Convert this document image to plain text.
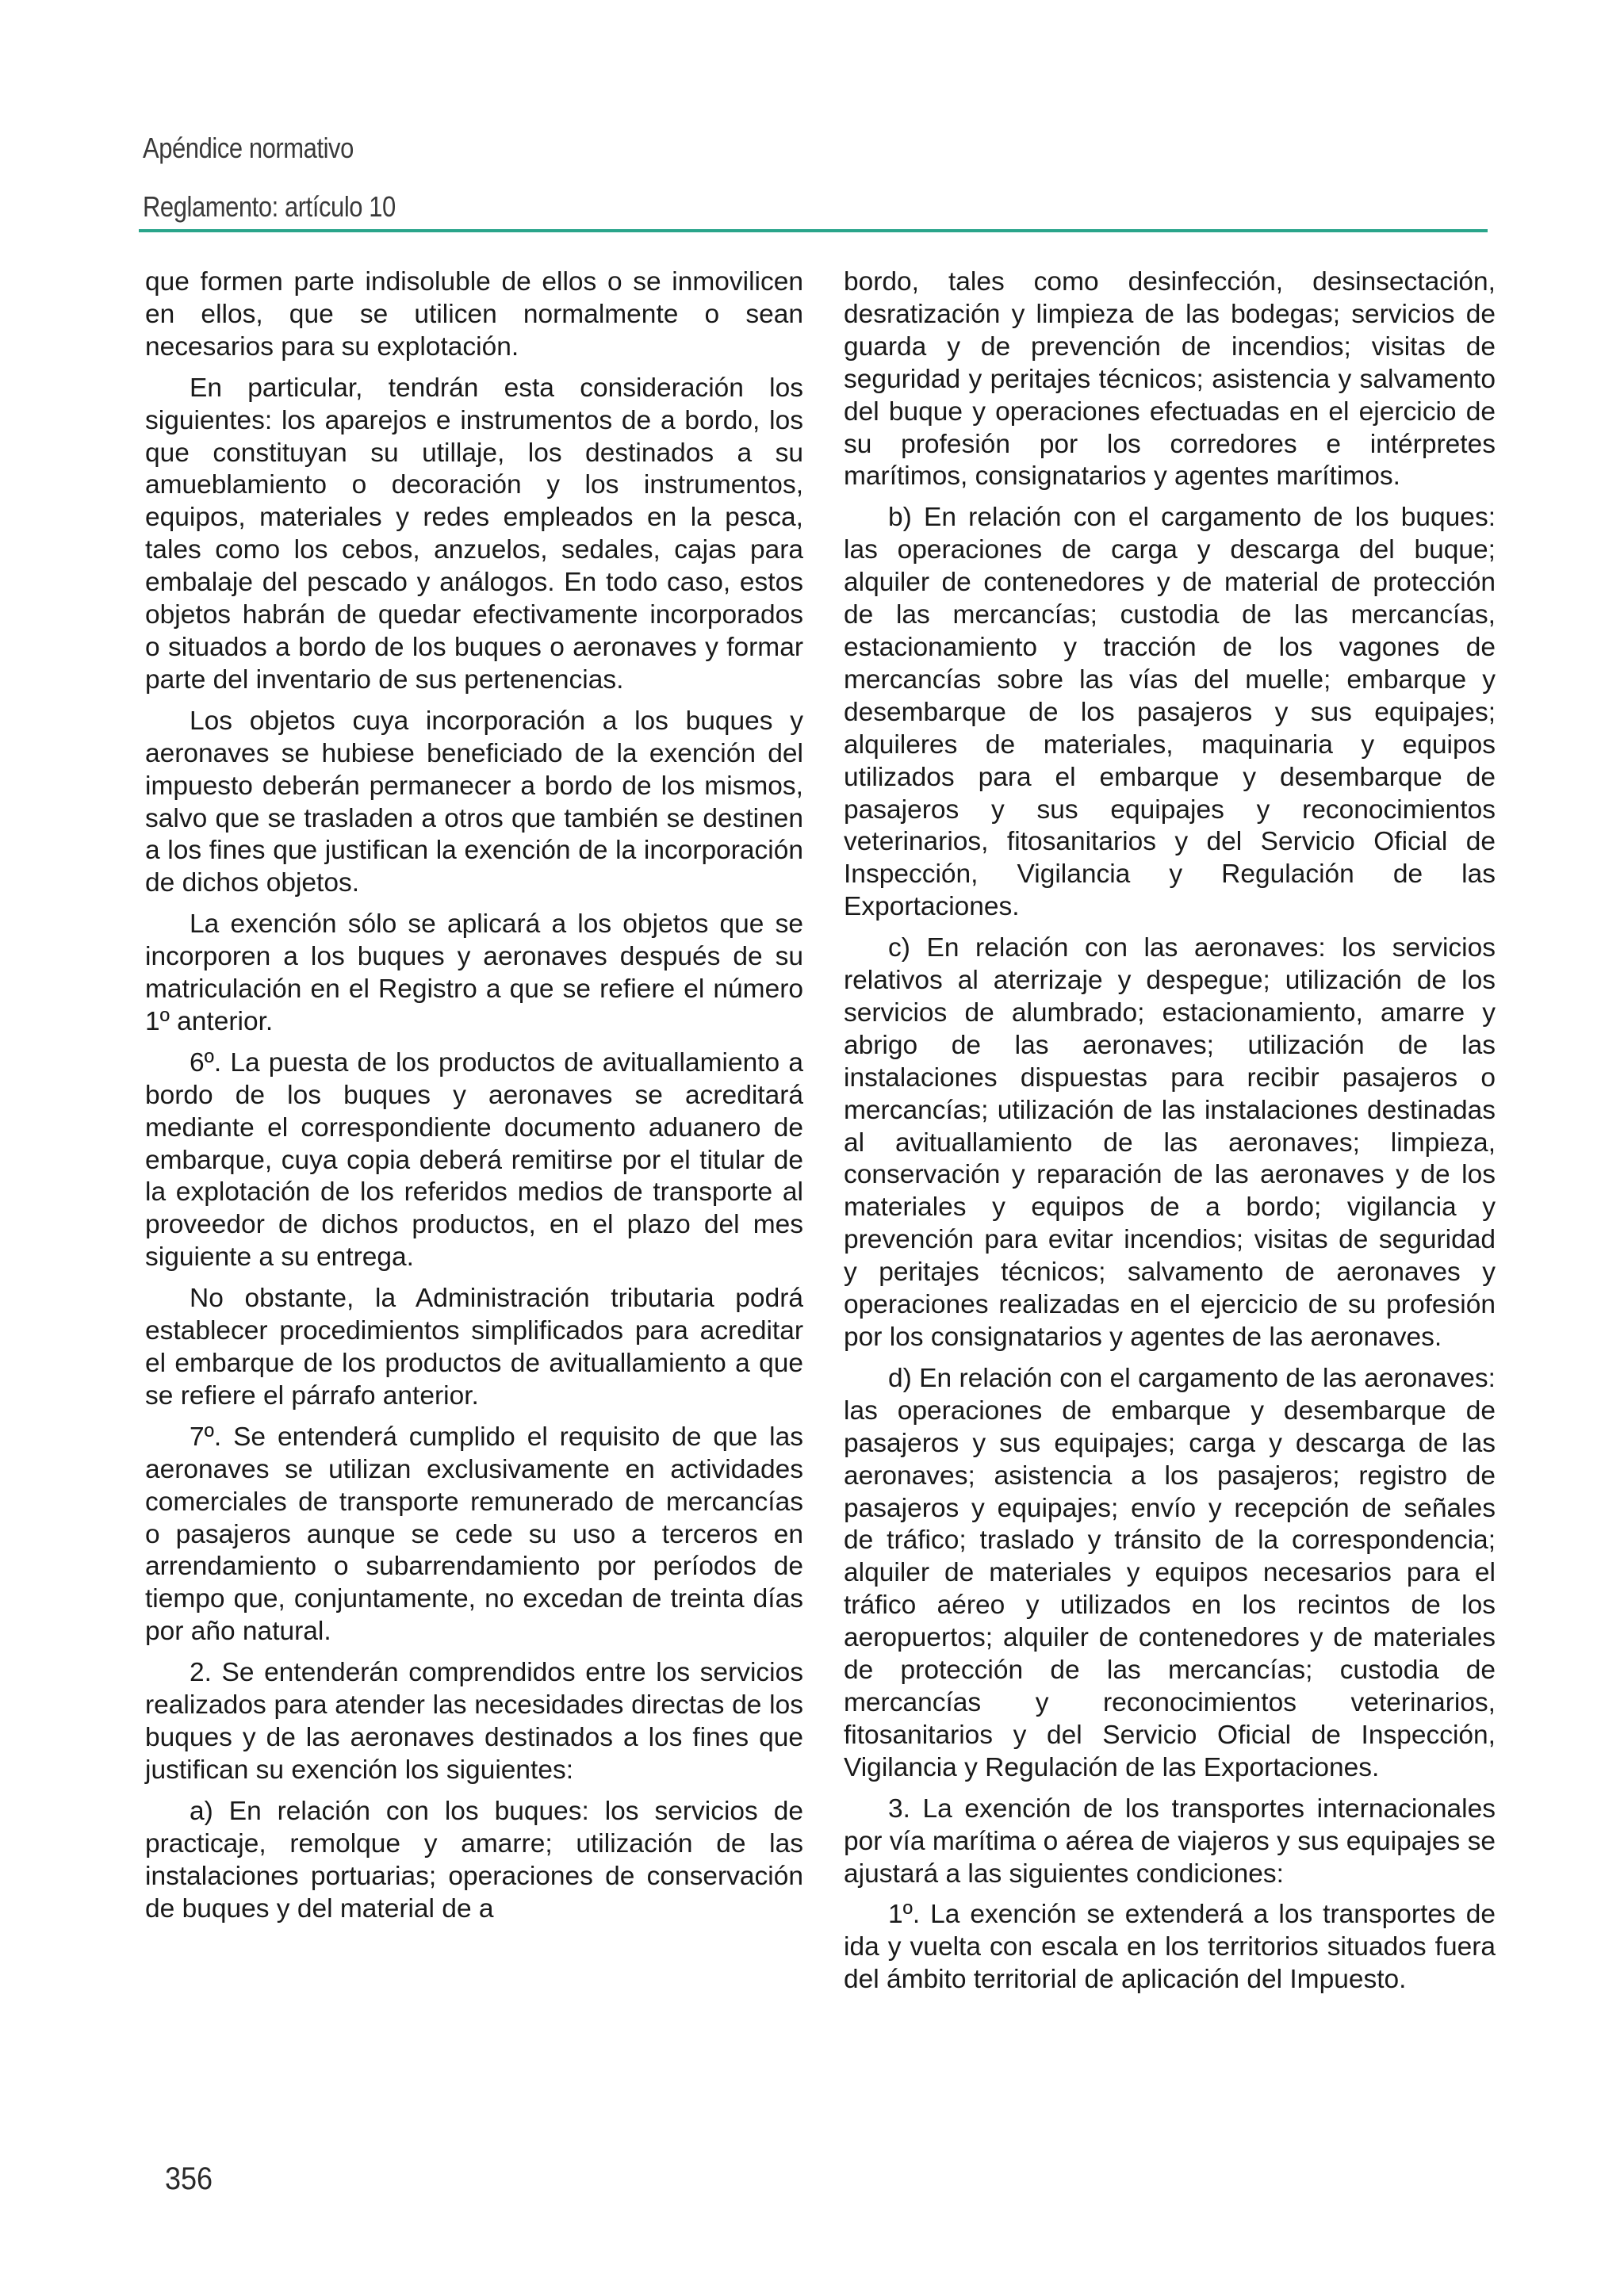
Apéndice normativo
Reglamento: artículo 10

que formen parte indisoluble de ellos o se inmovilicen en ellos, que se utilicen normalmente o sean necesarios para su explotación.

En particular, tendrán esta consideración los siguientes: los aparejos e instrumentos de a bordo, los que constituyan su utillaje, los destinados a su amueblamiento o decoración y los instrumentos, equipos, materiales y redes empleados en la pesca, tales como los cebos, anzuelos, sedales, cajas para embalaje del pescado y análogos. En todo caso, estos objetos habrán de quedar efectivamente incorporados o situados a bordo de los buques o aeronaves y formar parte del inventario de sus pertenencias.

Los objetos cuya incorporación a los buques y aeronaves se hubiese beneficiado de la exención del impuesto deberán permanecer a bordo de los mismos, salvo que se trasladen a otros que también se destinen a los fines que justifican la exención de la incorporación de dichos objetos.

La exención sólo se aplicará a los objetos que se incorporen a los buques y aeronaves después de su matriculación en el Registro a que se refiere el número 1º anterior.

6º. La puesta de los productos de avituallamiento a bordo de los buques y aeronaves se acreditará mediante el correspondiente documento aduanero de embarque, cuya copia deberá remitirse por el titular de la explotación de los referidos medios de transporte al proveedor de dichos productos, en el plazo del mes siguiente a su entrega.

No obstante, la Administración tributaria podrá establecer procedimientos simplificados para acreditar el embarque de los productos de avituallamiento a que se refiere el párrafo anterior.

7º. Se entenderá cumplido el requisito de que las aeronaves se utilizan exclusivamente en actividades comerciales de transporte remunerado de mercancías o pasajeros aunque se cede su uso a terceros en arrendamiento o subarrendamiento por períodos de tiempo que, conjuntamente, no excedan de treinta días por año natural.

2. Se entenderán comprendidos entre los servicios realizados para atender las necesidades directas de los buques y de las aeronaves destinados a los fines que justifican su exención los siguientes:

a) En relación con los buques: los servicios de practicaje, remolque y amarre; utilización de las instalaciones portuarias; operaciones de conservación de buques y del material de a

bordo, tales como desinfección, desinsectación, desratización y limpieza de las bodegas; servicios de guarda y de prevención de incendios; visitas de seguridad y peritajes técnicos; asistencia y salvamento del buque y operaciones efectuadas en el ejercicio de su profesión por los corredores e intérpretes marítimos, consignatarios y agentes marítimos.

b) En relación con el cargamento de los buques: las operaciones de carga y descarga del buque; alquiler de contenedores y de material de protección de las mercancías; custodia de las mercancías, estacionamiento y tracción de los vagones de mercancías sobre las vías del muelle; embarque y desembarque de los pasajeros y sus equipajes; alquileres de materiales, maquinaria y equipos utilizados para el embarque y desembarque de pasajeros y sus equipajes y reconocimientos veterinarios, fitosanitarios y del Servicio Oficial de Inspección, Vigilancia y Regulación de las Exportaciones.

c) En relación con las aeronaves: los servicios relativos al aterrizaje y despegue; utilización de los servicios de alumbrado; estacionamiento, amarre y abrigo de las aeronaves; utilización de las instalaciones dispuestas para recibir pasajeros o mercancías; utilización de las instalaciones destinadas al avituallamiento de las aeronaves; limpieza, conservación y reparación de las aeronaves y de los materiales y equipos de a bordo; vigilancia y prevención para evitar incendios; visitas de seguridad y peritajes técnicos; salvamento de aeronaves y operaciones realizadas en el ejercicio de su profesión por los consignatarios y agentes de las aeronaves.

d) En relación con el cargamento de las aeronaves: las operaciones de embarque y desembarque de pasajeros y sus equipajes; carga y descarga de las aeronaves; asistencia a los pasajeros; registro de pasajeros y equipajes; envío y recepción de señales de tráfico; traslado y tránsito de la correspondencia; alquiler de materiales y equipos necesarios para el tráfico aéreo y utilizados en los recintos de los aeropuertos; alquiler de contenedores y de materiales de protección de las mercancías; custodia de mercancías y reconocimientos veterinarios, fitosanitarios y del Servicio Oficial de Inspección, Vigilancia y Regulación de las Exportaciones.

3. La exención de los transportes internacionales por vía marítima o aérea de viajeros y sus equipajes se ajustará a las siguientes condiciones:

1º. La exención se extenderá a los transportes de ida y vuelta con escala en los territorios situados fuera del ámbito territorial de aplicación del Impuesto.

356
